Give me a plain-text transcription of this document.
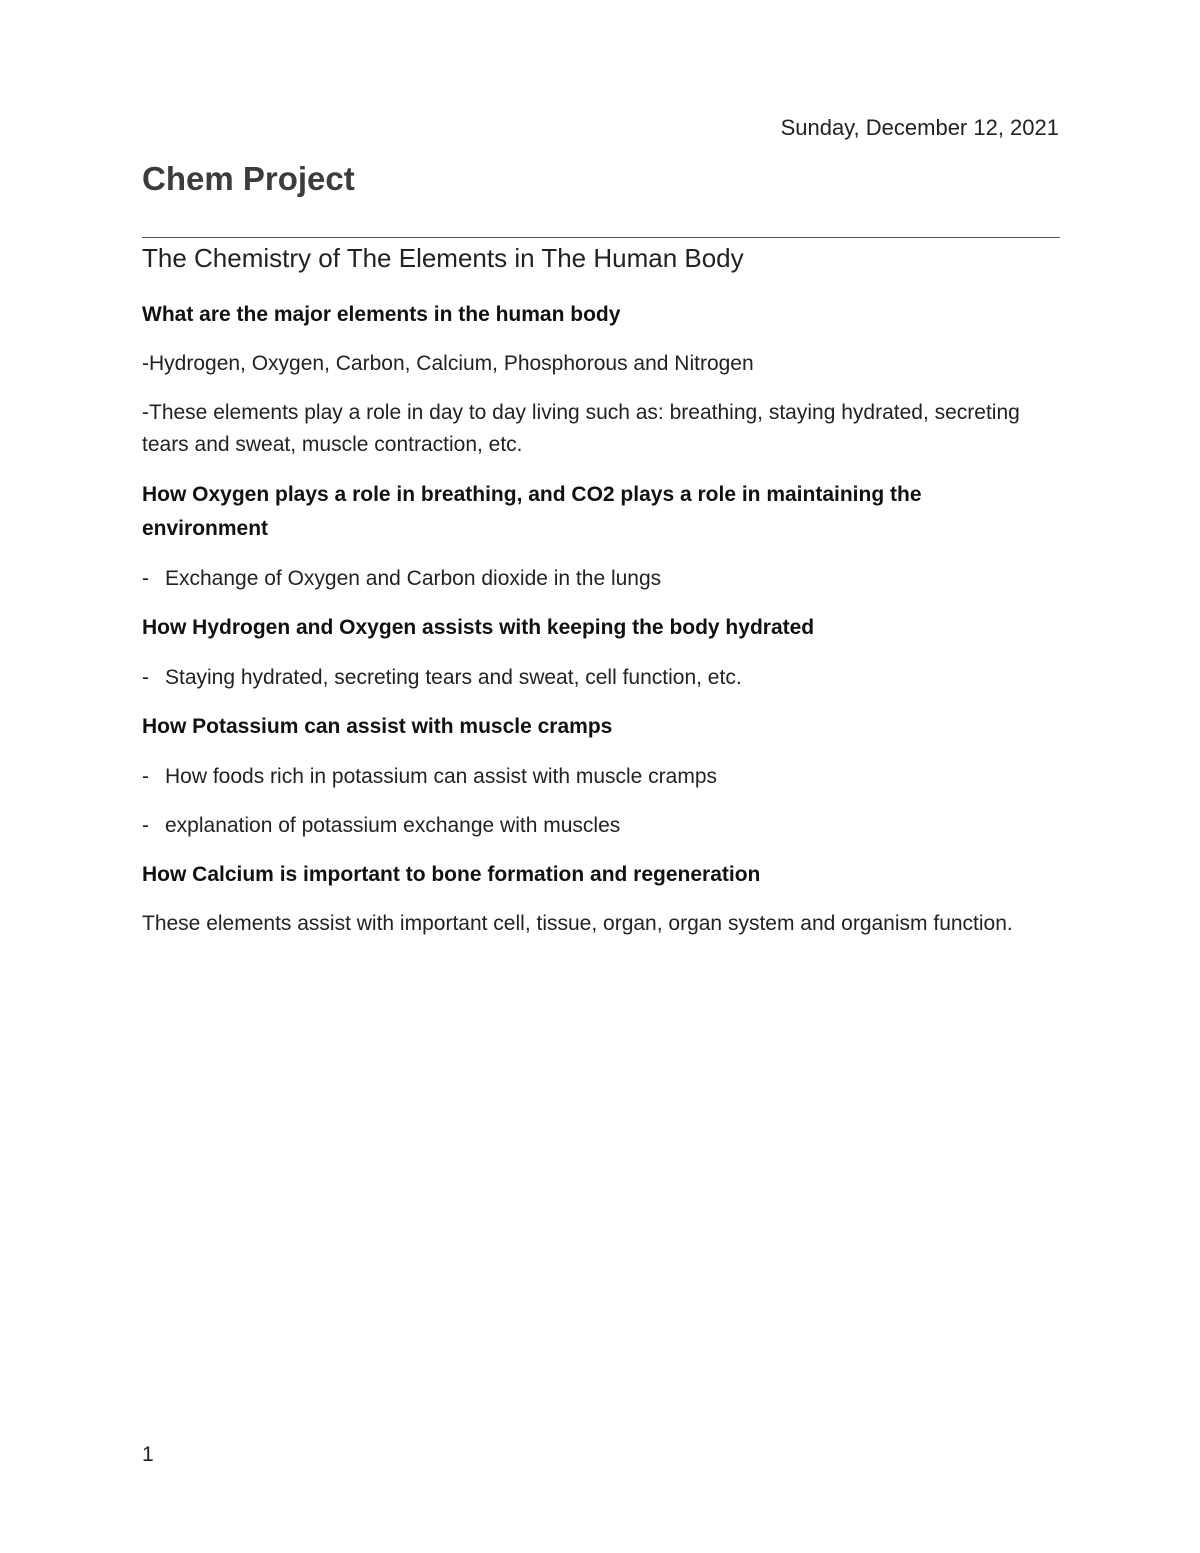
Sunday, December 12, 2021
Chem Project
The Chemistry of The Elements in The Human Body
What are the major elements in the human body

-Hydrogen, Oxygen, Carbon, Calcium, Phosphorous and Nitrogen

-These elements play a role in day to day living such as: breathing, staying hydrated, secreting tears and sweat, muscle contraction, etc.

How Oxygen plays a role in breathing, and CO2 plays a role in maintaining the environment
- Exchange of Oxygen and Carbon dioxide in the lungs
How Hydrogen and Oxygen assists with keeping the body hydrated
- Staying hydrated, secreting tears and sweat, cell function, etc.
How Potassium can assist with muscle cramps
- How foods rich in potassium can assist with muscle cramps
- explanation of potassium exchange with muscles
How Calcium is important to bone formation and regeneration

These elements assist with important cell, tissue, organ, organ system and organism function.

1
